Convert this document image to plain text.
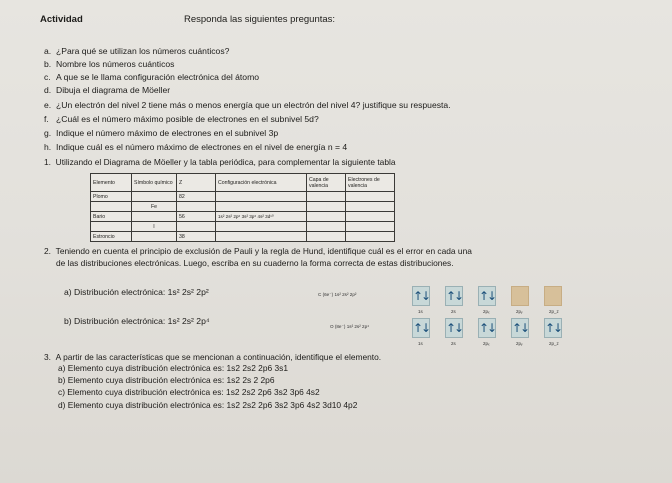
Actividad	Responda las siguientes preguntas:
a. ¿Para qué se utilizan los números cuánticos?
b. Nombre los números cuánticos
c. A que se le llama configuración electrónica del átomo
d. Dibuja el diagrama de Möeller
e. ¿Un electrón del nivel 2 tiene más o menos energía que un electrón del nivel 4? justifique su respuesta.
f. ¿Cuál es el número máximo posible de electrones en el subnivel 5d?
g. Indique el número máximo de electrones en el subnivel 3p
h. Indique cuál es el número máximo de electrones en el nivel de energía n = 4
1. Utilizando el Diagrama de Möeller y la tabla periódica, para complementar la siguiente tabla
Elemento	Símbolo químico	Z	Configuración electrónica	Capa de valencia	Electrones de valencia
Plomo		82			
	Fe				
Bario		56	1s² 2s² 2p⁶ 3s² 3p⁶ 4s² 3d¹⁰		
	I				
Estroncio		38			
2. Teniendo en cuenta el principio de exclusión de Pauli y la regla de Hund, identifique cuál es el error en cada una
de las distribuciones electrónicas. Luego, escriba en su cuaderno la forma correcta de estas distribuciones.
a) Distribución electrónica: 1s² 2s² 2p²	C (6e⁻) 1s² 2s² 2p²	↑↓ ↑↓ ↑↓
1s	2s	2pₓ	2pᵧ	2p_z
b) Distribución electrónica: 1s² 2s² 2p⁴
O (8e⁻) 1s² 2s² 2p⁴	↑↓ ↑↓ ↑↓ ↑↓ ↑↓
1s	2s	2pₓ	2pᵧ	2p_z
3. A partir de las características que se mencionan a continuación, identifique el elemento.
a) Elemento cuya distribución electrónica es: 1s2 2s2 2p6 3s1
b) Elemento cuya distribución electrónica es: 1s2 2s 2 2p6
c) Elemento cuya distribución electrónica es: 1s2 2s2 2p6 3s2 3p6 4s2
d) Elemento cuya distribución electrónica es: 1s2 2s2 2p6 3s2 3p6 4s2 3d10 4p2
